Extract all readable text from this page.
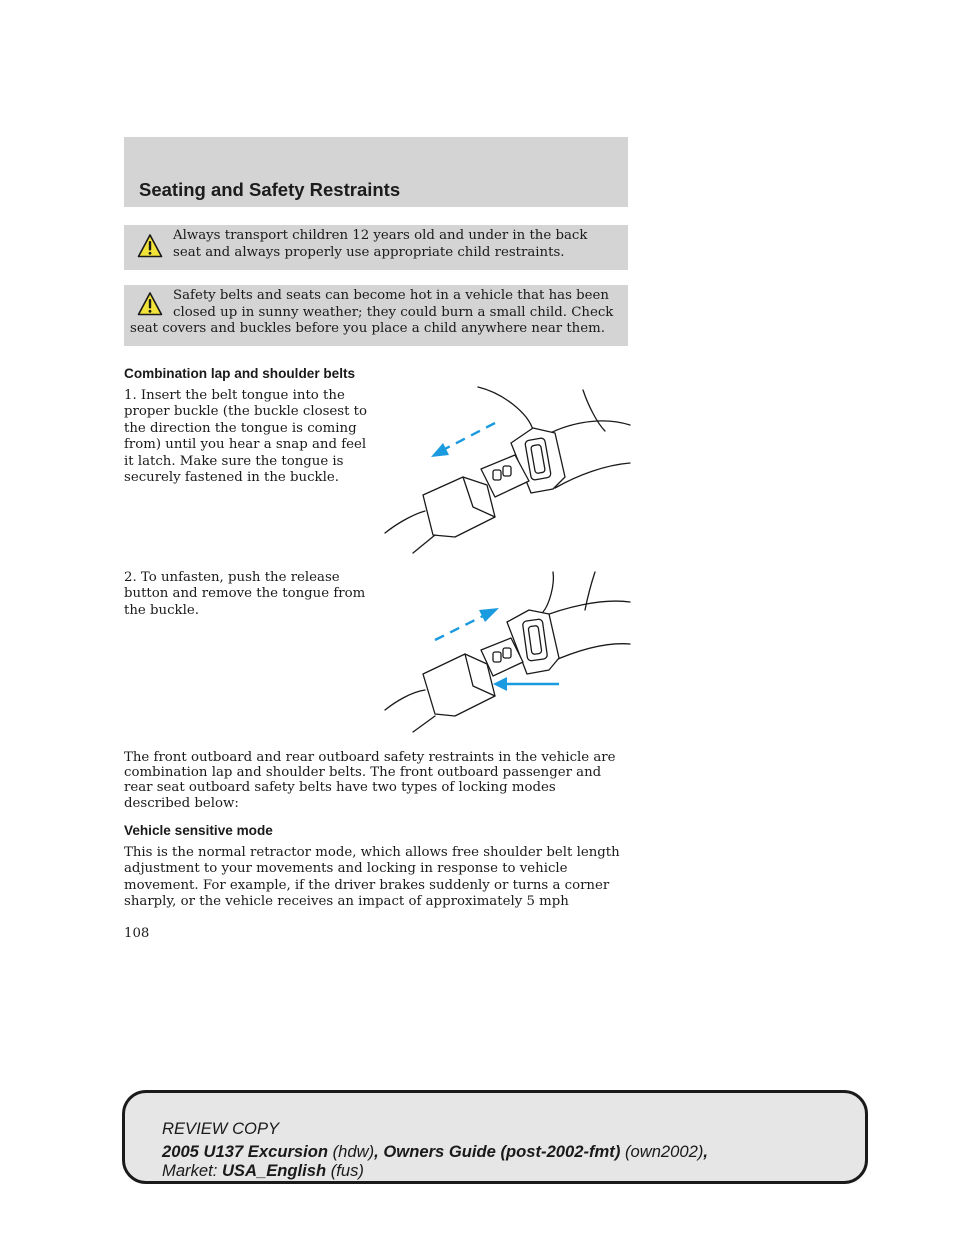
Seating and Safety Restraints
Always transport children 12 years old and under in the back
seat and always properly use appropriate child restraints.
Safety belts and seats can become hot in a vehicle that has been
closed up in sunny weather; they could burn a small child. Check
seat covers and buckles before you place a child anywhere near them.
Combination lap and shoulder belts
1. Insert the belt tongue into the
proper buckle (the buckle closest to
the direction the tongue is coming
from) until you hear a snap and feel
it latch. Make sure the tongue is
securely fastened in the buckle.
2. To unfasten, push the release
button and remove the tongue from
the buckle.
The front outboard and rear outboard safety restraints in the vehicle are
combination lap and shoulder belts. The front outboard passenger and
rear seat outboard safety belts have two types of locking modes
described below:
Vehicle sensitive mode
This is the normal retractor mode, which allows free shoulder belt length
adjustment to your movements and locking in response to vehicle
movement. For example, if the driver brakes suddenly or turns a corner
sharply, or the vehicle receives an impact of approximately 5 mph
108
REVIEW COPY
2005 U137 Excursion (hdw), Owners Guide (post-2002-fmt) (own2002),
Market: USA_English (fus)
